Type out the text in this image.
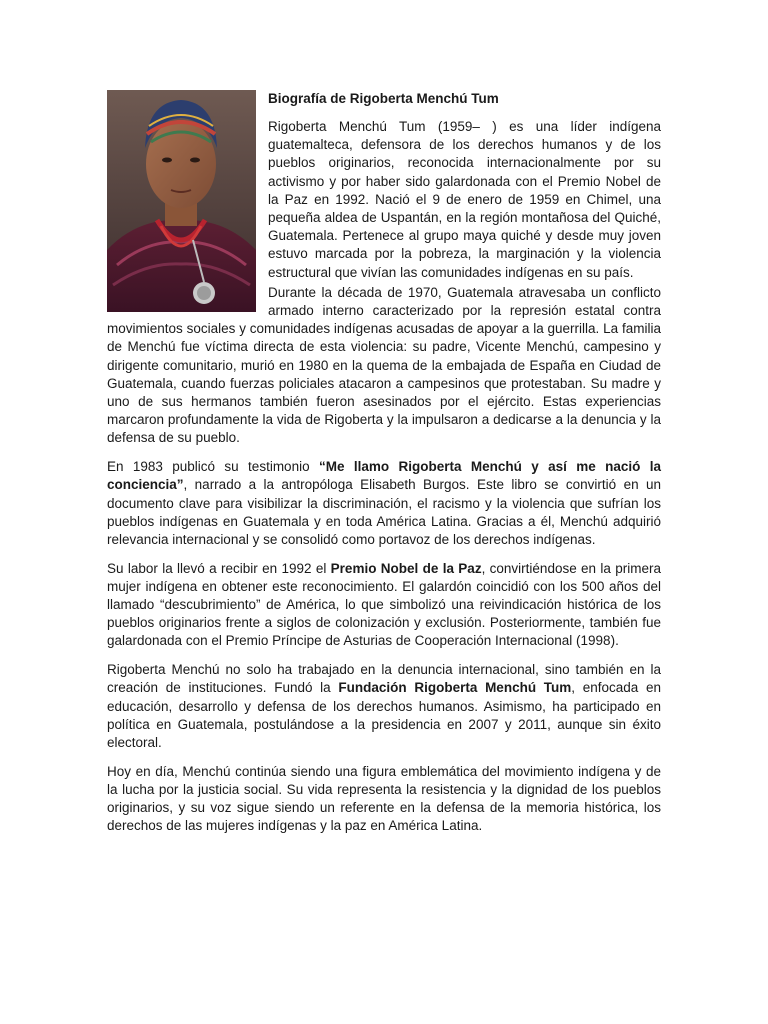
Biografía de Rigoberta Menchú Tum

Rigoberta Menchú Tum (1959– ) es una líder indígena guatemalteca, defensora de los derechos humanos y de los pueblos originarios, reconocida internacionalmente por su activismo y por haber sido galardonada con el Premio Nobel de la Paz en 1992. Nació el 9 de enero de 1959 en Chimel, una pequeña aldea de Uspantán, en la región montañosa del Quiché, Guatemala. Pertenece al grupo maya quiché y desde muy joven estuvo marcada por la pobreza, la marginación y la violencia estructural que vivían las comunidades indígenas en su país.

Durante la década de 1970, Guatemala atravesaba un conflicto armado interno caracterizado por la represión estatal contra movimientos sociales y comunidades indígenas acusadas de apoyar a la guerrilla. La familia de Menchú fue víctima directa de esta violencia: su padre, Vicente Menchú, campesino y dirigente comunitario, murió en 1980 en la quema de la embajada de España en Ciudad de Guatemala, cuando fuerzas policiales atacaron a campesinos que protestaban. Su madre y uno de sus hermanos también fueron asesinados por el ejército. Estas experiencias marcaron profundamente la vida de Rigoberta y la impulsaron a dedicarse a la denuncia y la defensa de su pueblo.

En 1983 publicó su testimonio “Me llamo Rigoberta Menchú y así me nació la conciencia”, narrado a la antropóloga Elisabeth Burgos. Este libro se convirtió en un documento clave para visibilizar la discriminación, el racismo y la violencia que sufrían los pueblos indígenas en Guatemala y en toda América Latina. Gracias a él, Menchú adquirió relevancia internacional y se consolidó como portavoz de los derechos indígenas.

Su labor la llevó a recibir en 1992 el Premio Nobel de la Paz, convirtiéndose en la primera mujer indígena en obtener este reconocimiento. El galardón coincidió con los 500 años del llamado “descubrimiento” de América, lo que simbolizó una reivindicación histórica de los pueblos originarios frente a siglos de colonización y exclusión. Posteriormente, también fue galardonada con el Premio Príncipe de Asturias de Cooperación Internacional (1998).

Rigoberta Menchú no solo ha trabajado en la denuncia internacional, sino también en la creación de instituciones. Fundó la Fundación Rigoberta Menchú Tum, enfocada en educación, desarrollo y defensa de los derechos humanos. Asimismo, ha participado en política en Guatemala, postulándose a la presidencia en 2007 y 2011, aunque sin éxito electoral.

Hoy en día, Menchú continúa siendo una figura emblemática del movimiento indígena y de la lucha por la justicia social. Su vida representa la resistencia y la dignidad de los pueblos originarios, y su voz sigue siendo un referente en la defensa de la memoria histórica, los derechos de las mujeres indígenas y la paz en América Latina.
